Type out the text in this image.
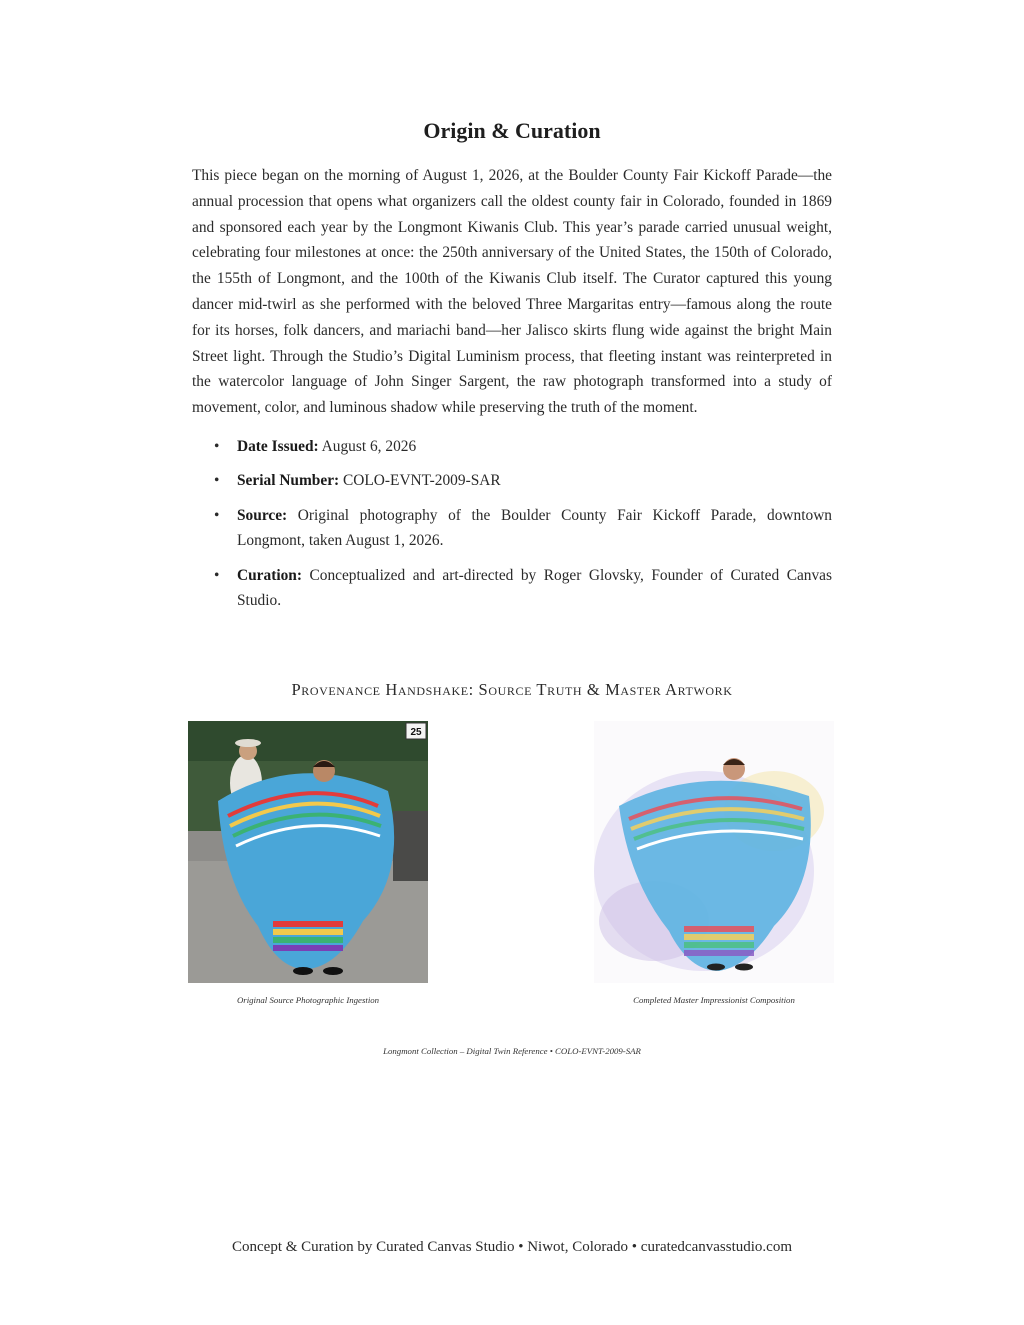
Origin & Curation

This piece began on the morning of August 1, 2026, at the Boulder County Fair Kickoff Parade—the annual procession that opens what organizers call the oldest county fair in Colorado, founded in 1869 and sponsored each year by the Longmont Kiwanis Club. This year’s parade carried unusual weight, celebrating four milestones at once: the 250th anniversary of the United States, the 150th of Colorado, the 155th of Longmont, and the 100th of the Kiwanis Club itself. The Curator captured this young dancer mid-twirl as she performed with the beloved Three Margaritas entry—famous along the route for its horses, folk dancers, and mariachi band—her Jalisco skirts flung wide against the bright Main Street light. Through the Studio’s Digital Luminism process, that fleeting instant was reinterpreted in the watercolor language of John Singer Sargent, the raw photograph transformed into a study of movement, color, and luminous shadow while preserving the truth of the moment.

• Date Issued: August 6, 2026
• Serial Number: COLO-EVNT-2009-SAR
• Source: Original photography of the Boulder County Fair Kickoff Parade, downtown Longmont, taken August 1, 2026.
• Curation: Conceptualized and art-directed by Roger Glovsky, Founder of Curated Canvas Studio.
Provenance Handshake: Source Truth & Master Artwork
25
Original Source Photographic Ingestion	Completed Master Impressionist Composition
Longmont Collection – Digital Twin Reference • COLO-EVNT-2009-SAR
Concept & Curation by Curated Canvas Studio • Niwot, Colorado • curatedcanvasstudio.com
